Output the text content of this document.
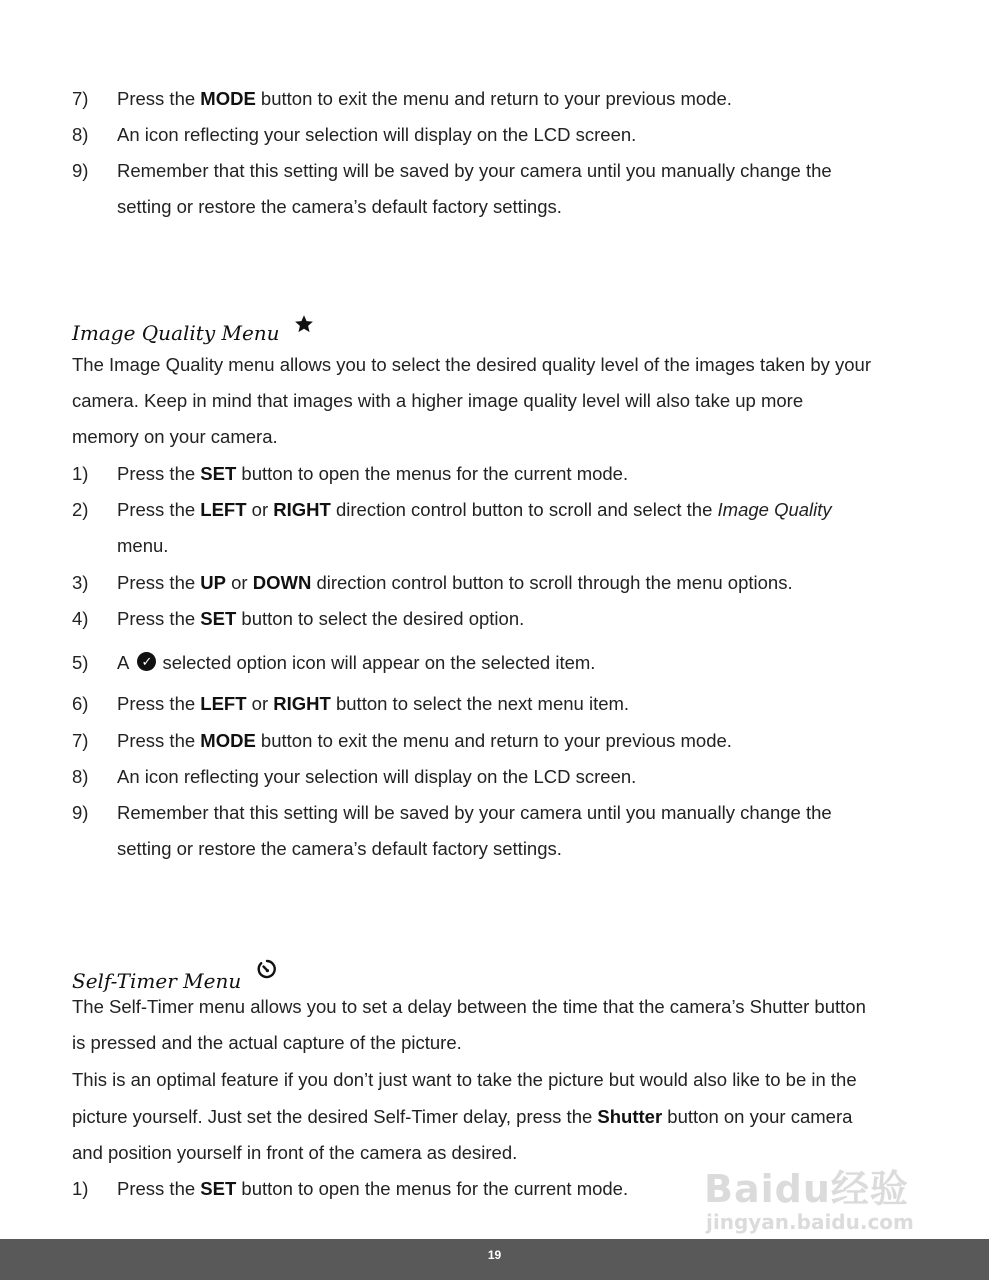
7) Press the MODE button to exit the menu and return to your previous mode.
8) An icon reflecting your selection will display on the LCD screen.
9) Remember that this setting will be saved by your camera until you manually change the
setting or restore the camera’s default factory settings.
Image Quality Menu
The Image Quality menu allows you to select the desired quality level of the images taken by your
camera. Keep in mind that images with a higher image quality level will also take up more
memory on your camera.
1) Press the SET button to open the menus for the current mode.
2) Press the LEFT or RIGHT direction control button to scroll and select the Image Quality
menu.
3) Press the UP or DOWN direction control button to scroll through the menu options.
4) Press the SET button to select the desired option.
5) A ✓ selected option icon will appear on the selected item.
6) Press the LEFT or RIGHT button to select the next menu item.
7) Press the MODE button to exit the menu and return to your previous mode.
8) An icon reflecting your selection will display on the LCD screen.
9) Remember that this setting will be saved by your camera until you manually change the
setting or restore the camera’s default factory settings.
Self-Timer Menu
The Self-Timer menu allows you to set a delay between the time that the camera’s Shutter button
is pressed and the actual capture of the picture.
This is an optimal feature if you don’t just want to take the picture but would also like to be in the
picture yourself. Just set the desired Self-Timer delay, press the Shutter button on your camera
and position yourself in front of the camera as desired.
1) Press the SET button to open the menus for the current mode. Baidu经验
jingyan.baidu.com
19
